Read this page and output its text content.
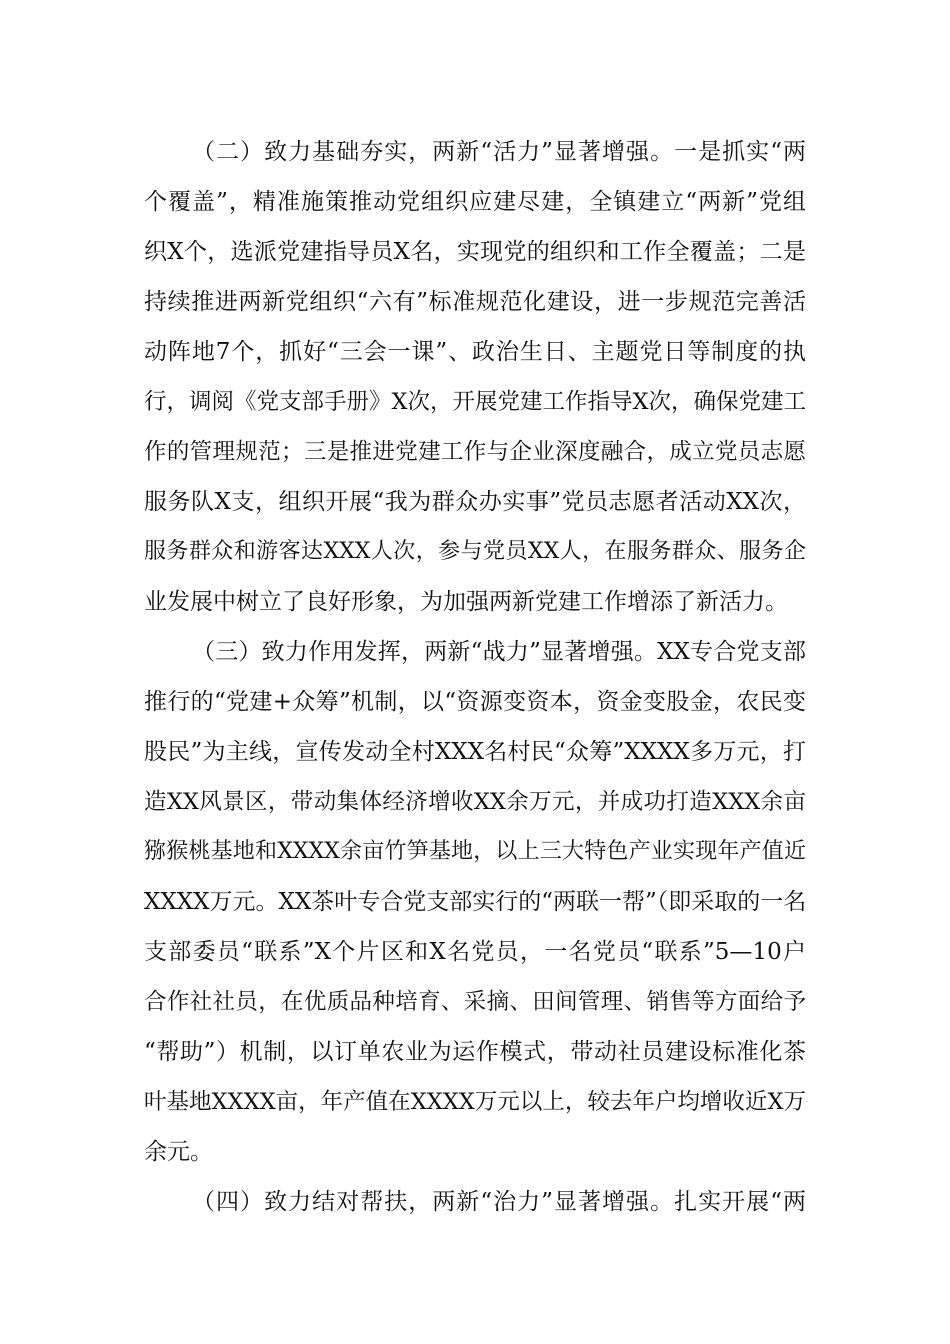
（二）致力基础夯实，两新“活力”显著增强。一是抓实“两
个覆盖”，精准施策推动党组织应建尽建，全镇建立“两新”党组
织X个，选派党建指导员X名，实现党的组织和工作全覆盖；二是
持续推进两新党组织“六有”标准规范化建设，进一步规范完善活
动阵地7个，抓好“三会一课”、政治生日、主题党日等制度的执
行，调阅《党支部手册》X次，开展党建工作指导X次，确保党建工
作的管理规范；三是推进党建工作与企业深度融合，成立党员志愿
服务队X支，组织开展“我为群众办实事”党员志愿者活动XX次，
服务群众和游客达XXX人次，参与党员XX人，在服务群众、服务企
业发展中树立了良好形象，为加强两新党建工作增添了新活力。
（三）致力作用发挥，两新“战力”显著增强。XX专合党支部
推行的“党建+众筹”机制，以“资源变资本，资金变股金，农民变
股民”为主线，宣传发动全村XXX名村民“众筹”XXXX多万元，打
造XX风景区，带动集体经济增收XX余万元，并成功打造XXX余亩
猕猴桃基地和XXXX余亩竹笋基地，以上三大特色产业实现年产值近
XXXX万元。XX茶叶专合党支部实行的“两联一帮”（即采取的一名
支部委员“联系”X个片区和X名党员，一名党员“联系”5—10户
合作社社员，在优质品种培育、采摘、田间管理、销售等方面给予
“帮助”）机制，以订单农业为运作模式，带动社员建设标准化茶
叶基地XXXX亩，年产值在XXXX万元以上，较去年户均增收近X万
余元。
（四）致力结对帮扶，两新“治力”显著增强。扎实开展“两
